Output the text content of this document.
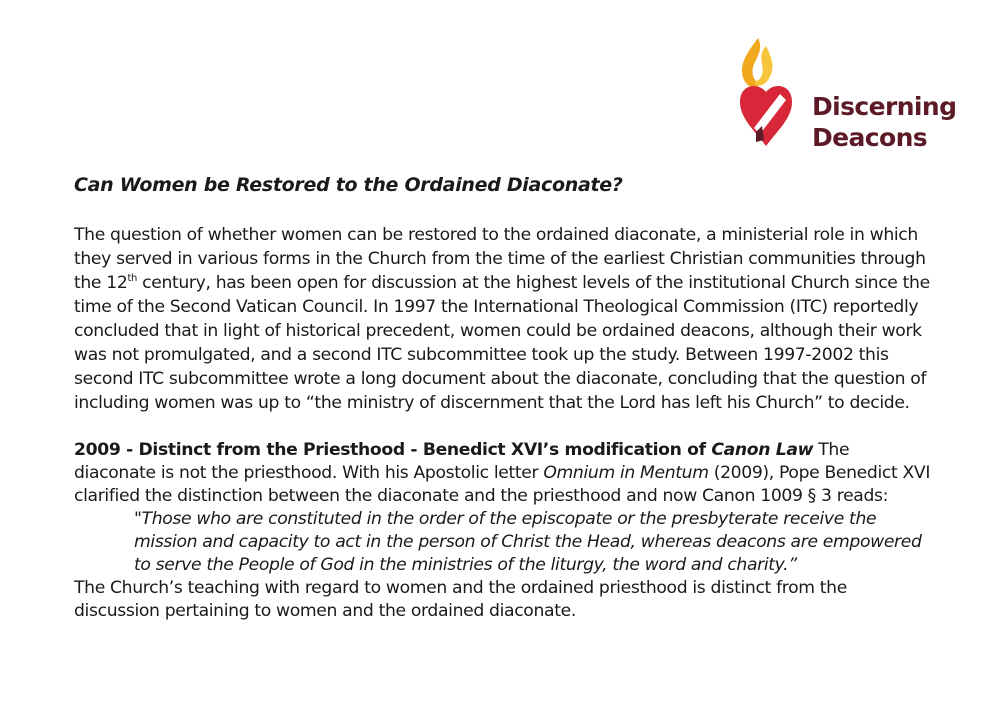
Discerning
Deacons
Can Women be Restored to the Ordained Diaconate?

The question of whether women can be restored to the ordained diaconate, a ministerial role in which they served in various forms in the Church from the time of the earliest Christian communities through the 12th century, has been open for discussion at the highest levels of the institutional Church since the time of the Second Vatican Council. In 1997 the International Theological Commission (ITC) reportedly concluded that in light of historical precedent, women could be ordained deacons, although their work was not promulgated, and a second ITC subcommittee took up the study. Between 1997-2002 this second ITC subcommittee wrote a long document about the diaconate, concluding that the question of including women was up to “the ministry of discernment that the Lord has left his Church” to decide.

2009 - Distinct from the Priesthood - Benedict XVI’s modification of Canon Law The diaconate is not the priesthood. With his Apostolic letter Omnium in Mentum (2009), Pope Benedict XVI clarified the distinction between the diaconate and the priesthood and now Canon 1009 § 3 reads:

"Those who are constituted in the order of the episcopate or the presbyterate receive the mission and capacity to act in the person of Christ the Head, whereas deacons are empowered to serve the People of God in the ministries of the liturgy, the word and charity.”

The Church’s teaching with regard to women and the ordained priesthood is distinct from the discussion pertaining to women and the ordained diaconate.
